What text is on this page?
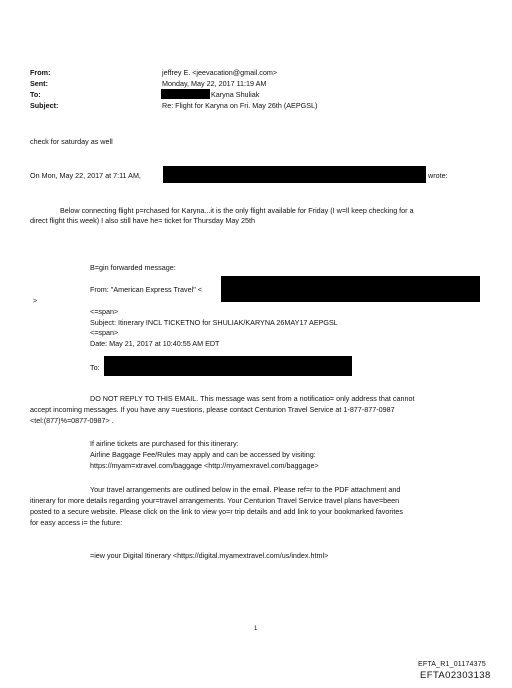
From:
Sent:
To:
Subject:
jeffrey E. <jeevacation@gmail.com>
Monday, May 22, 2017 11:19 AM
Karyna Shuliak
Re: Flight for Karyna on Fri. May 26th (AEPGSL)
check for saturday as well
On Mon, May 22, 2017 at 7:11 AM,	wrote:
Below connecting flight p=rchased for Karyna...it is the only flight available for Friday (I w=ll keep checking for a
direct flight this week) I also still have he= ticket for Thursday May 25th
B=gin forwarded message:
From: "American Express Travel" <
>
<=span>
Subject: Itinerary INCL TICKETNO for SHULIAK/KARYNA 26MAY17 AEPGSL
<=span>
Date: May 21, 2017 at 10:40:55 AM EDT
To:
DO NOT REPLY TO THIS EMAIL. This message was sent from a notificatio= only address that cannot
accept incoming messages. If you have any =uestions, please contact Centurion Travel Service at 1-877-877-0987
<tel:(877)%=0877-0987> .
If airline tickets are purchased for this itinerary:
Airline Baggage Fee/Rules may apply and can be accessed by visiting:
https://myam=xtravel.com/baggage <http://myamexravel.com/baggage>
Your travel arrangements are outlined below in the email. Please ref=r to the PDF attachment and
itinerary for more details regarding your=travel arrangements. Your Centurion Travel Service travel plans have=been
posted to a secure website. Please click on the link to view yo=r trip details and add link to your bookmarked favorites
for easy access i= the future:
=iew your Digital Itinerary <https://digital.myamextravel.com/us/index.html>
1
EFTA_R1_01174375
EFTA02303138
